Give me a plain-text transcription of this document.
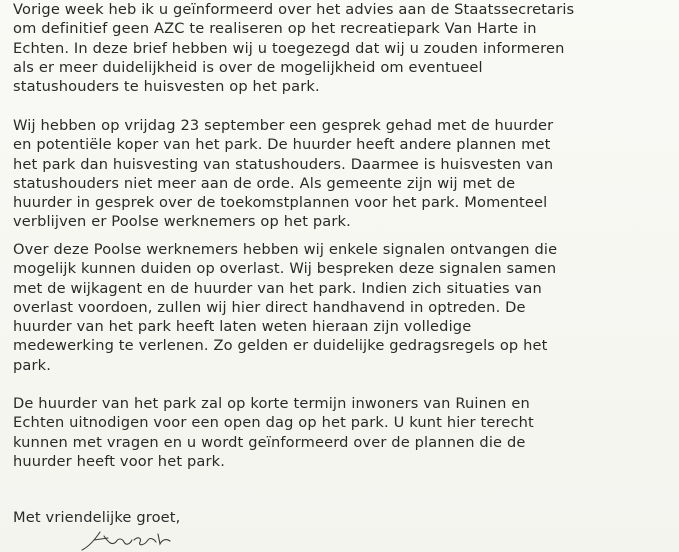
Vorige week heb ik u geïnformeerd over het advies aan de Staatssecretaris
om definitief geen AZC te realiseren op het recreatiepark Van Harte in
Echten. In deze brief hebben wij u toegezegd dat wij u zouden informeren
als er meer duidelijkheid is over de mogelijkheid om eventueel
statushouders te huisvesten op het park.

Wij hebben op vrijdag 23 september een gesprek gehad met de huurder
en potentiële koper van het park. De huurder heeft andere plannen met
het park dan huisvesting van statushouders. Daarmee is huisvesten van
statushouders niet meer aan de orde. Als gemeente zijn wij met de
huurder in gesprek over de toekomstplannen voor het park. Momenteel
verblijven er Poolse werknemers op het park.

Over deze Poolse werknemers hebben wij enkele signalen ontvangen die
mogelijk kunnen duiden op overlast. Wij bespreken deze signalen samen
met de wijkagent en de huurder van het park. Indien zich situaties van
overlast voordoen, zullen wij hier direct handhavend in optreden. De
huurder van het park heeft laten weten hieraan zijn volledige
medewerking te verlenen. Zo gelden er duidelijke gedragsregels op het
park.

De huurder van het park zal op korte termijn inwoners van Ruinen en
Echten uitnodigen voor een open dag op het park. U kunt hier terecht
kunnen met vragen en u wordt geïnformeerd over de plannen die de
huurder heeft voor het park.

Met vriendelijke groet,
